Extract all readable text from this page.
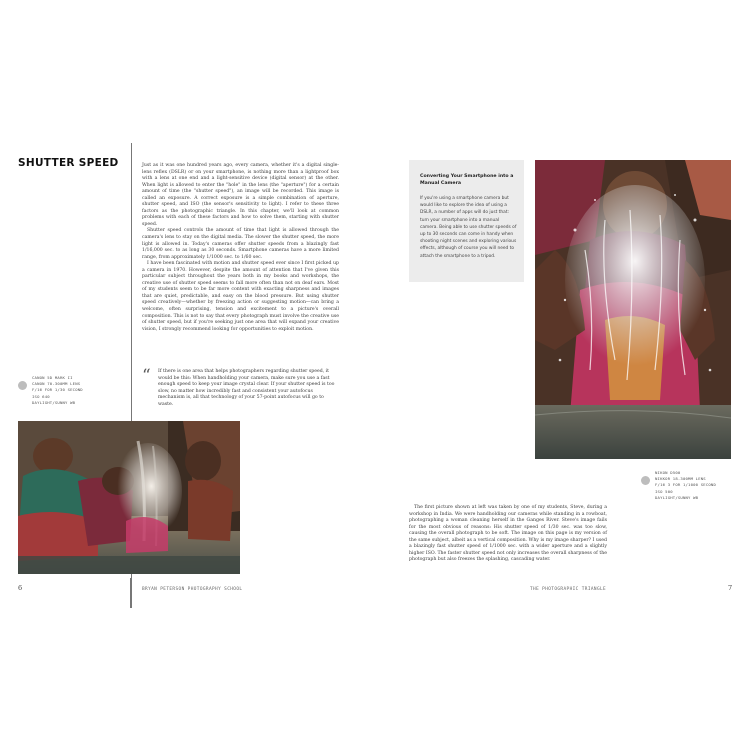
SHUTTER SPEED	Just as it was one hundred years ago, every camera, whether it's a digital single-lens reflex (DSLR) or on your smartphone, is nothing more than a lightproof box with a lens at one end and a light-sensitive device (digital sensor) at the other. When light is allowed to enter the "hole" in the lens (the "aperture") for a certain amount of time (the "shutter speed"), an image will be recorded. This image is called an exposure. A correct exposure is a simple combination of aperture, shutter speed, and ISO (the sensor's sensitivity to light). I refer to these three factors as the photographic triangle. In this chapter, we'll look at common problems with each of these factors and how to solve them, starting with shutter speed.

Shutter speed controls the amount of time that light is allowed through the camera's lens to stay on the digital media. The slower the shutter speed, the more light is allowed in. Today's cameras offer shutter speeds from a blazingly fast 1/16,000 sec. to as long as 30 seconds. Smartphone cameras have a more limited range, from approximately 1/1000 sec. to 1/60 sec.

I have been fascinated with motion and shutter speed ever since I first picked up a camera in 1970. However, despite the amount of attention that I've given this particular subject throughout the years both in my books and workshops, the creative use of shutter speed seems to fall more often than not on deaf ears. Most of my students seem to be far more content with exacting sharpness and images that are quiet, predictable, and easy on the blood pressure. But using shutter speed creatively—whether by freezing action or suggesting motion—can bring a welcome, often surprising, tension and excitement to a picture's overall composition. This is not to say that every photograph must involve the creative use of shutter speed, but if you're seeking just one area that will expand your creative vision, I strongly recommend looking for opportunities to exploit motion.

“ If there is one area that helps photographers regarding shutter speed, it would be this: When handholding your camera, make sure you use a fast enough speed to keep your image crystal clear. If your shutter speed is too slow, no matter how incredibly fast and consistent your autofocus mechanism is, all that technology of your 57-point autofocus will go to waste.
CANON 5D MARK II
CANON 70-300MM LENS
F/16 FOR 1/30 SECOND
ISO 640
DAYLIGHT/SUNNY WB
6	BRYAN PETERSON PHOTOGRAPHY SCHOOL
Converting Your Smartphone into a Manual Camera
If you're using a smartphone camera but would like to explore the idea of using a DSLR, a number of apps will do just that: turn your smartphone into a manual camera. Being able to use shutter speeds of up to 30 seconds can come in handy when shooting night scenes and exploring various effects, although of course you will need to attach the smartphone to a tripod.
NIKON D500
NIKKOR 18-300MM LENS
F/16 3 FOR 1/1000 SECOND
ISO 500
DAYLIGHT/SUNNY WB

The first picture shown at left was taken by one of my students, Steve, during a workshop in India. We were handholding our cameras while standing in a rowboat, photographing a woman cleaning herself in the Ganges River. Steve's image fails for the most obvious of reasons: His shutter speed of 1/30 sec. was too slow, causing the overall photograph to be soft. The image on this page is my version of the same subject, albeit as a vertical composition. Why is my image sharper? I used a blazingly fast shutter speed of 1/1000 sec. with a wider aperture and a slightly higher ISO. The faster shutter speed not only increases the overall sharpness of the photograph but also freezes the splashing, cascading water.

THE PHOTOGRAPHIC TRIANGLE	7
